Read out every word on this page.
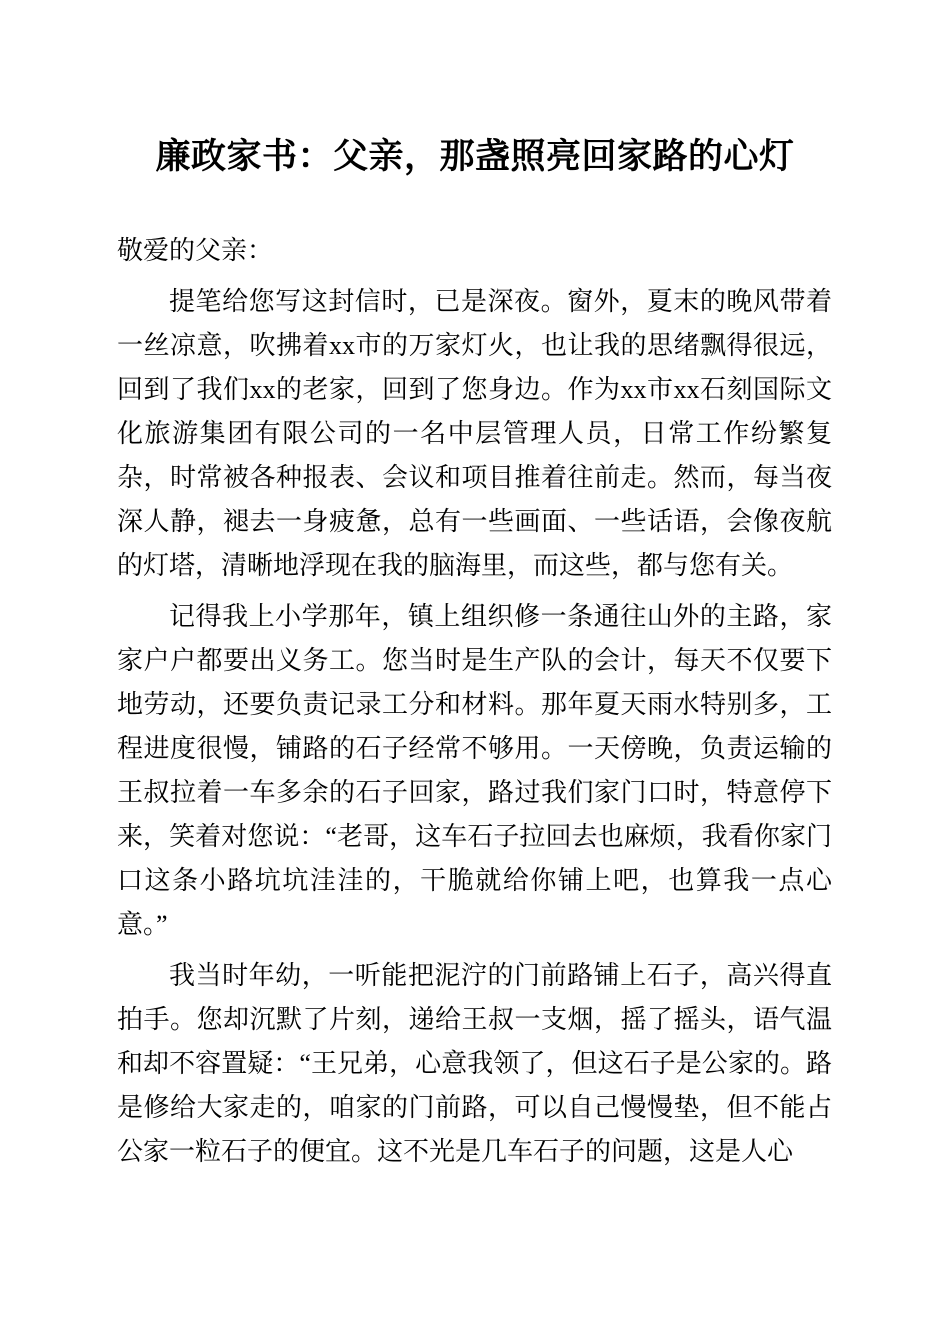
廉政家书：父亲，那盏照亮回家路的心灯

敬爱的父亲：

提笔给您写这封信时，已是深夜。窗外，夏末的晚风带着一丝凉意，吹拂着xx市的万家灯火，也让我的思绪飘得很远，回到了我们xx的老家，回到了您身边。作为xx市xx石刻国际文化旅游集团有限公司的一名中层管理人员，日常工作纷繁复杂，时常被各种报表、会议和项目推着往前走。然而，每当夜深人静，褪去一身疲惫，总有一些画面、一些话语，会像夜航的灯塔，清晰地浮现在我的脑海里，而这些，都与您有关。

记得我上小学那年，镇上组织修一条通往山外的主路，家家户户都要出义务工。您当时是生产队的会计，每天不仅要下地劳动，还要负责记录工分和材料。那年夏天雨水特别多，工程进度很慢，铺路的石子经常不够用。一天傍晚，负责运输的王叔拉着一车多余的石子回家，路过我们家门口时，特意停下来，笑着对您说：“老哥，这车石子拉回去也麻烦，我看你家门口这条小路坑坑洼洼的，干脆就给你铺上吧，也算我一点心意。”

我当时年幼，一听能把泥泞的门前路铺上石子，高兴得直拍手。您却沉默了片刻，递给王叔一支烟，摇了摇头，语气温和却不容置疑：“王兄弟，心意我领了，但这石子是公家的。路是修给大家走的，咱家的门前路，可以自己慢慢垫，但不能占公家一粒石子的便宜。这不光是几车石子的问题，这是人心
